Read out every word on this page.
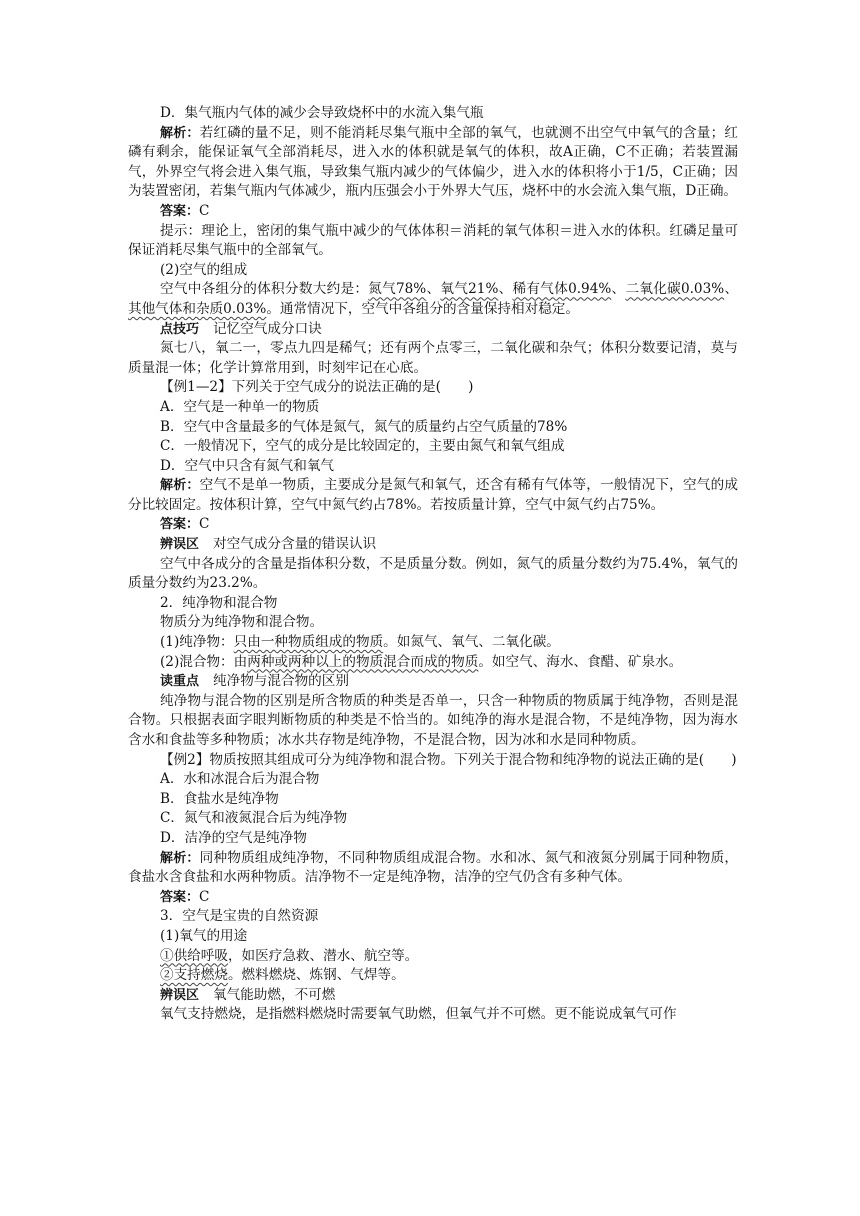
D．集气瓶内气体的减少会导致烧杯中的水流入集气瓶

解析：若红磷的量不足，则不能消耗尽集气瓶中全部的氧气，也就测不出空气中氧气的含量；红磷有剩余，能保证氧气全部消耗尽，进入水的体积就是氧气的体积，故A正确，C不正确；若装置漏气，外界空气将会进入集气瓶，导致集气瓶内减少的气体偏少，进入水的体积将小于1/5，C正确；因为装置密闭，若集气瓶内气体减少，瓶内压强会小于外界大气压，烧杯中的水会流入集气瓶，D正确。

答案：C

提示：理论上，密闭的集气瓶中减少的气体体积＝消耗的氧气体积＝进入水的体积。红磷足量可保证消耗尽集气瓶中的全部氧气。

(2)空气的组成

空气中各组分的体积分数大约是：氮气78%、氧气21%、稀有气体0.94%、二氧化碳0.03%、其他气体和杂质0.03%。通常情况下，空气中各组分的含量保持相对稳定。

点技巧 记忆空气成分口诀

氮七八，氧二一，零点九四是稀气；还有两个点零三，二氧化碳和杂气；体积分数要记清，莫与质量混一体；化学计算常用到，时刻牢记在心底。

【例1—2】下列关于空气成分的说法正确的是(　　)

A．空气是一种单一的物质

B．空气中含量最多的气体是氮气，氮气的质量约占空气质量的78%

C．一般情况下，空气的成分是比较固定的，主要由氮气和氧气组成

D．空气中只含有氮气和氧气

解析：空气不是单一物质，主要成分是氮气和氧气，还含有稀有气体等，一般情况下，空气的成分比较固定。按体积计算，空气中氮气约占78%。若按质量计算，空气中氮气约占75%。

答案：C

辨误区 对空气成分含量的错误认识

空气中各成分的含量是指体积分数，不是质量分数。例如，氮气的质量分数约为75.4%，氧气的质量分数约为23.2%。

2．纯净物和混合物

物质分为纯净物和混合物。

(1)纯净物：只由一种物质组成的物质。如氮气、氧气、二氧化碳。

(2)混合物：由两种或两种以上的物质混合而成的物质。如空气、海水、食醋、矿泉水。

读重点 纯净物与混合物的区别

纯净物与混合物的区别是所含物质的种类是否单一，只含一种物质的物质属于纯净物，否则是混合物。只根据表面字眼判断物质的种类是不恰当的。如纯净的海水是混合物，不是纯净物，因为海水含水和食盐等多种物质；冰水共存物是纯净物，不是混合物，因为冰和水是同种物质。

【例2】物质按照其组成可分为纯净物和混合物。下列关于混合物和纯净物的说法正确的是(　　)

A．水和冰混合后为混合物

B．食盐水是纯净物

C．氮气和液氮混合后为纯净物

D．洁净的空气是纯净物

解析：同种物质组成纯净物，不同种物质组成混合物。水和冰、氮气和液氮分别属于同种物质，食盐水含食盐和水两种物质。洁净物不一定是纯净物，洁净的空气仍含有多种气体。

答案：C

3．空气是宝贵的自然资源

(1)氧气的用途

①供给呼吸，如医疗急救、潜水、航空等。

②支持燃烧。燃料燃烧、炼钢、气焊等。

辨误区 氧气能助燃，不可燃

氧气支持燃烧，是指燃料燃烧时需要氧气助燃，但氧气并不可燃。更不能说成氧气可作
